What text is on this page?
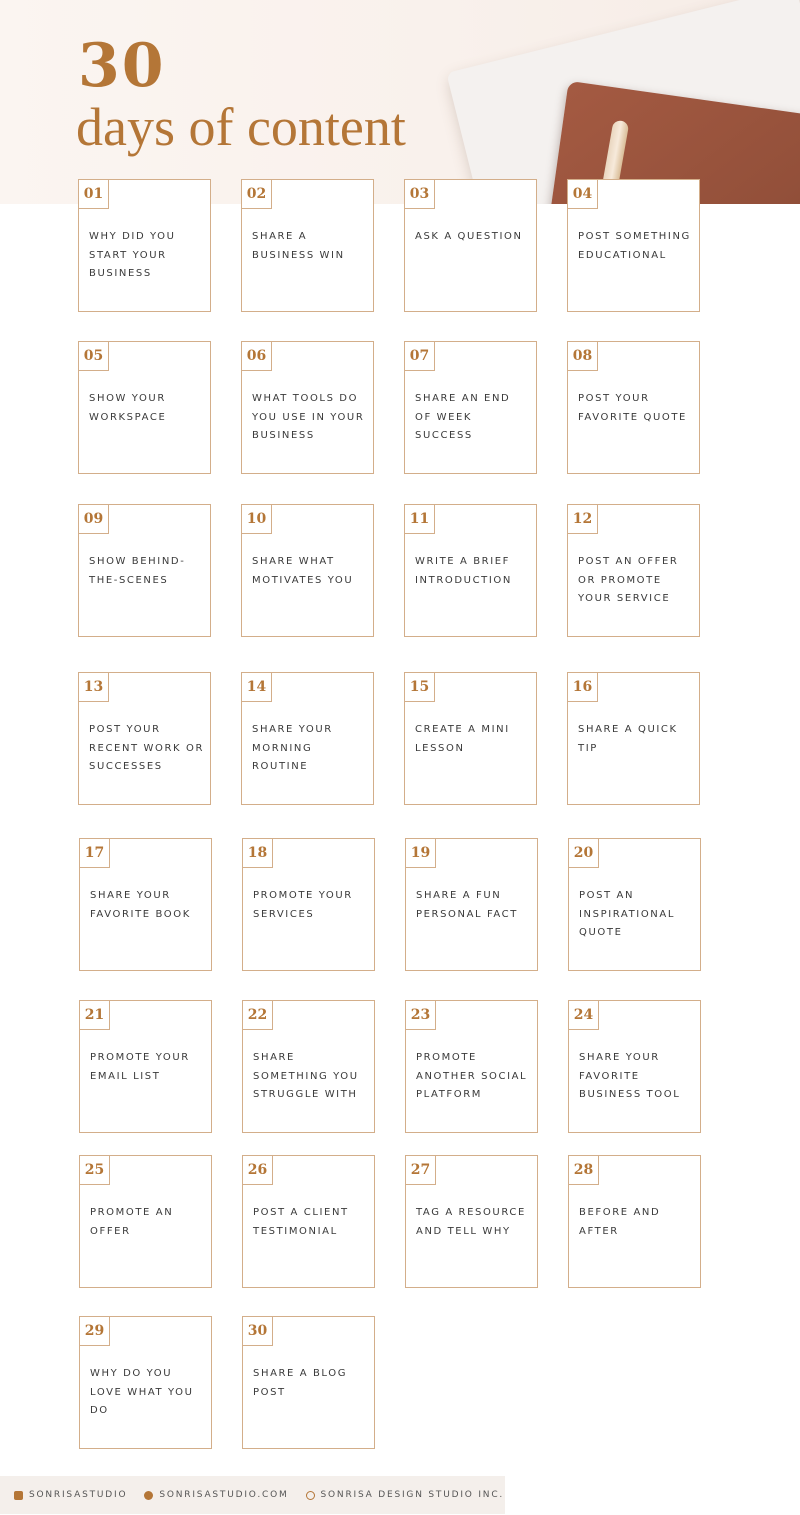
30
days of content
01
WHY DID YOU START YOUR BUSINESS
02
SHARE A BUSINESS WIN
03
ASK A QUESTION
04
POST SOMETHING EDUCATIONAL
05
SHOW YOUR WORKSPACE
06
WHAT TOOLS DO YOU USE IN YOUR BUSINESS
07
SHARE AN END OF WEEK SUCCESS
08
POST YOUR FAVORITE QUOTE
09
SHOW BEHIND-THE-SCENES
10
SHARE WHAT MOTIVATES YOU
11
WRITE A BRIEF INTRODUCTION
12
POST AN OFFER OR PROMOTE YOUR SERVICE
13
POST YOUR RECENT WORK OR SUCCESSES
14
SHARE YOUR MORNING ROUTINE
15
CREATE A MINI LESSON
16
SHARE A QUICK TIP
17
SHARE YOUR FAVORITE BOOK
18
PROMOTE YOUR SERVICES
19
SHARE A FUN PERSONAL FACT
20
POST AN INSPIRATIONAL QUOTE
21
PROMOTE YOUR EMAIL LIST
22
SHARE SOMETHING YOU STRUGGLE WITH
23
PROMOTE ANOTHER SOCIAL PLATFORM
24
SHARE YOUR FAVORITE BUSINESS TOOL
25
PROMOTE AN OFFER
26
POST A CLIENT TESTIMONIAL
27
TAG A RESOURCE AND TELL WHY
28
BEFORE AND AFTER
29
WHY DO YOU LOVE WHAT YOU DO
30
SHARE A BLOG POST
SONRISASTUDIO	SONRISASTUDIO.COM	SONRISA DESIGN STUDIO INC.
